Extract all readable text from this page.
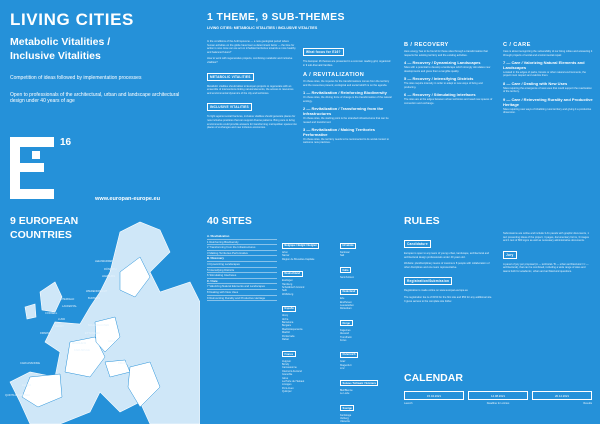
LIVING CITIES
Metabolic Vitalities /
Inclusive Vitalities
Competition of ideas followed by implementation processes
Open to professionals of the architectural, urban and landscape architectural design under 40 years of age
16
www.europan-europe.eu
1 THEME, 9 SUB-THEMES
LIVING CITIES: METABOLIC VITALITIES / INCLUSIVE VITALITIES
In the conditions of the Anthropocene — a new geological period where human activities on the globe have been a determinant factor — the time for action is now. How can we act on inhabited territories towards a more healthy and balanced future?
How to work with regenerative projects, combining metabolic and inclusive vitalities?
METABOLIC VITALITIES
Metabolic vitalities should allow to Europan projects to regenerate with an ensemble of interventions linking natural elements, the access to resources and environmental dynamics of the city and territories.
INCLUSIVE VITALITIES
To fight against social fractures, inclusive vitalities should generate places for new inclusive practices that can support diverse patterns. Bring care to living environments could provide answers for transforming metropolitan spaces into places of exchanges and new inclusive economies.
What focus for E16?
The Europan 16 themes are presented in a common reading grid, organized in 9 sub-thematic families.
A / REVITALIZATION
On these sites, the impetus for the transformations comes from the territory and the resources present; ecological and social rebirth is on the agenda.
1 — Revitalization / Reinforcing Biodiversity
On these sites, the driving force of change is the transformation of the natural ecology.
2 — Revitalization / Transforming from the Infrastructures
On these sites, the starting point is the stranded infrastructures that can be reused and transformed.
3 — Revitalization / Making Territories Performative
On these sites, the territory needs to be reconnected to its social context to welcome new practices.
B / RECOVERY
Here energy has to be found for these sites through a transformation that respects the existing territory and the existing activities.
4 — Recovery / Dynamizing Landscapes
Sites with a potential to develop a landscape which strongly stimulates new developments and gives them a tangible quality.
5 — Recovery / Intensifying Districts
The sites require intensity in order to adapt to new ways of living and producing.
6 — Recovery / Stimulating Interfaces
The sites are at the edges between urban territories and need new spaces of connection and exchange.
C / CARE
Care is about recognizing the vulnerability of our living milieu and answering it through projects of social and environmental repair.
7 — Care / Valorizing Natural Elements and Landscapes
Located in the edges of parks, forests or other natural environments, the project must respect and valorize them.
8 — Care / Dealing with New Uses
Sites requiring the emergence of new uses that could support the reactivation of the territory.
9 — Care / Reinventing Rurality and Productive Heritage
Sites requiring new ways of inhabiting rural territory and giving it a productive dimension.
9 EUROPEAN
COUNTRIES
LEEUWARDEN
RÖSRATH
HAMBURG
WIERENDRECHT
BUDWEIS
BITERFELD
LAUFENTAL
CORNELL
LUND
ALCOY	SCHAFFHAUSEN
FIRMINY	ETTLINGEN
GRAZ
MANNHEIM
KARLSRUHE
TIRANA
CARCASSONNE
ALZIRA
QUINTA DA GRANJA
40 SITES
A / Revitalization
1 Reinforcing Biodiversity
2 Transforming from the Infrastructures
3 Making Territories Performative
B / Recovery
4 Dynamizing Landscapes
5 Intensifying Districts
6 Stimulating Interfaces
C / Care
7 Valorizing Natural Elements and Landscapes
8 Dealing with New Uses
9 Reinventing Rurality and Productive Heritage
Belgique / België / Belgien
Arlon
Namur
Région de Bruxelles-Capitale
Deutschland
Esslingen
Hamburg
Schwäbisch Gmünd
Selb
Wolfsburg
España
Alcoy
Alzira
Barcelona
Bergara
Madrid-Esperanza
Madrid
Ponferrada
Rabat
France
Avignon
Bondy
Carcassonne
Clermont-Ferrand
Grenoble
Istres
La Porte du Hainaut
Limoges
Pont-Aven
Quimper
Hrvatska
Karlovac
Sali
Italia
Sant'Antioco
Nederland
Ede
Eindhoven
Leeuwarden
Rotterdam
Norge
Fagernes
Alesund
Trondheim
Forus
Österreich
Graz
Klagenfurt
Linz
Suisse / Schweiz / Svizzera
Biel/Bienne
Le Locle
Sverige
Karlskoga
Varberg
Västerås
RULES
Candidature
Europan is open to any team of young urban, landscape, architectural and architectural design professionals under 40 years old.
Website: pluridisciplinary teams of maximum 8 people with collaboration of other disciplines and one team representative.
Registration/Submission
Registration is made online on www.europan-europe.eu
The registration fee is of €150 for the first site and €50 for any additional site. It gives access to the complete site folder.
Submissions are online and include 3 A1 panels with graphic documents, 1 text presenting ideas of the project, 4 pages, documentary forms, 3 images and 1 text of 800 signs as well as necessary administrative documents.
Jury
A panel of jury per proposal (A — territorial / B — urban architectural / C — architectural), that can be combined, including a wide range of sites and teams both for academic, urban and architectural questions.
CALENDAR
15.04.2021
Launch
14.08.2021
Deadline for entries
20.12.2021
Results
